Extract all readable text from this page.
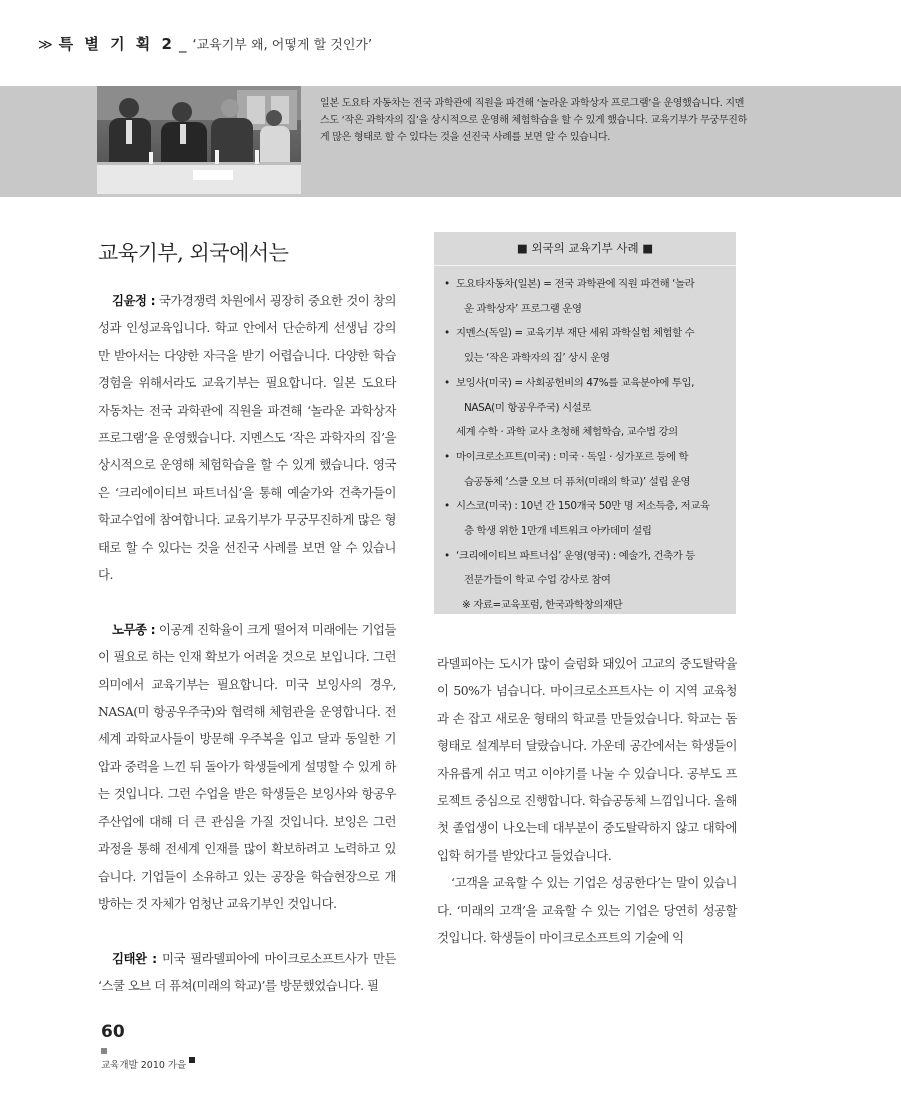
≫ 특 별 기 획 2 _ ‘교육기부 왜, 어떻게 할 것인가’
일본 도요타 자동차는 전국 과학관에 직원을 파견해 ‘놀라운 과학상자 프로그램’을 운영했습니다. 지멘스도 ‘작은 과학자의 집’을 상시적으로 운영해 체험학습을 할 수 있게 했습니다. 교육기부가 무궁무진하게 많은 형태로 할 수 있다는 것을 선진국 사례를 보면 알 수 있습니다.
교육기부, 외국에서는

김윤정 : 국가경쟁력 차원에서 굉장히 중요한 것이 창의성과 인성교육입니다. 학교 안에서 단순하게 선생님 강의만 받아서는 다양한 자극을 받기 어렵습니다. 다양한 학습경험을 위해서라도 교육기부는 필요합니다. 일본 도요타 자동차는 전국 과학관에 직원을 파견해 ‘놀라운 과학상자 프로그램’을 운영했습니다. 지멘스도 ‘작은 과학자의 집’을 상시적으로 운영해 체험학습을 할 수 있게 했습니다. 영국은 ‘크리에이티브 파트너십’을 통해 예술가와 건축가들이 학교수업에 참여합니다. 교육기부가 무궁무진하게 많은 형태로 할 수 있다는 것을 선진국 사례를 보면 알 수 있습니다.

노무종 : 이공계 진학율이 크게 떨어져 미래에는 기업들이 필요로 하는 인재 확보가 어려울 것으로 보입니다. 그런 의미에서 교육기부는 필요합니다. 미국 보잉사의 경우, NASA(미 항공우주국)와 협력해 체험관을 운영합니다. 전세계 과학교사들이 방문해 우주복을 입고 달과 동일한 기압과 중력을 느낀 뒤 돌아가 학생들에게 설명할 수 있게 하는 것입니다. 그런 수업을 받은 학생들은 보잉사와 항공우주산업에 대해 더 큰 관심을 가질 것입니다. 보잉은 그런 과정을 통해 전세계 인재를 많이 확보하려고 노력하고 있습니다. 기업들이 소유하고 있는 공장을 학습현장으로 개방하는 것 자체가 엄청난 교육기부인 것입니다.

김태완 : 미국 필라델피아에 마이크로소프트사가 만든 ‘스쿨 오브 더 퓨쳐(미래의 학교)’를 방문했었습니다. 필

■ 외국의 교육기부 사례 ■
• 도요타자동차(일본) = 전국 과학관에 직원 파견해 ‘놀라
운 과학상자’ 프로그램 운영
• 지멘스(독일) = 교육기부 재단 세워 과학실험 체험할 수
있는 ‘작은 과학자의 집’ 상시 운영
• 보잉사(미국) = 사회공헌비의 47%를 교육분야에 투입,
NASA(미 항공우주국) 시설로
세계 수학 · 과학 교사 초청해 체험학습, 교수법 강의
• 마이크로소프트(미국) : 미국 · 독일 · 싱가포르 등에 학
습공동체 ‘스쿨 오브 더 퓨처(미래의 학교)’ 설립 운영
• 시스코(미국) : 10년 간 150개국 50만 명 저소득층, 저교육
층 학생 위한 1만개 네트워크 아카데미 설립
• ‘크리에이티브 파트너십’ 운영(영국) : 예술가, 건축가 등
전문가들이 학교 수업 강사로 참여
※ 자료=교육포럼, 한국과학창의재단

라델피아는 도시가 많이 슬럼화 돼있어 고교의 중도탈락율이 50%가 넘습니다. 마이크로소프트사는 이 지역 교육청과 손 잡고 새로운 형태의 학교를 만들었습니다. 학교는 돔 형태로 설계부터 달랐습니다. 가운데 공간에서는 학생들이 자유롭게 쉬고 먹고 이야기를 나눌 수 있습니다. 공부도 프로젝트 중심으로 진행합니다. 학습공동체 느낌입니다. 올해 첫 졸업생이 나오는데 대부분이 중도탈락하지 않고 대학에 입학 허가를 받았다고 들었습니다.

‘고객을 교육할 수 있는 기업은 성공한다’는 말이 있습니다. ‘미래의 고객’을 교육할 수 있는 기업은 당연히 성공할 것입니다. 학생들이 마이크로소프트의 기술에 익

60

교육개발 2010 가을
